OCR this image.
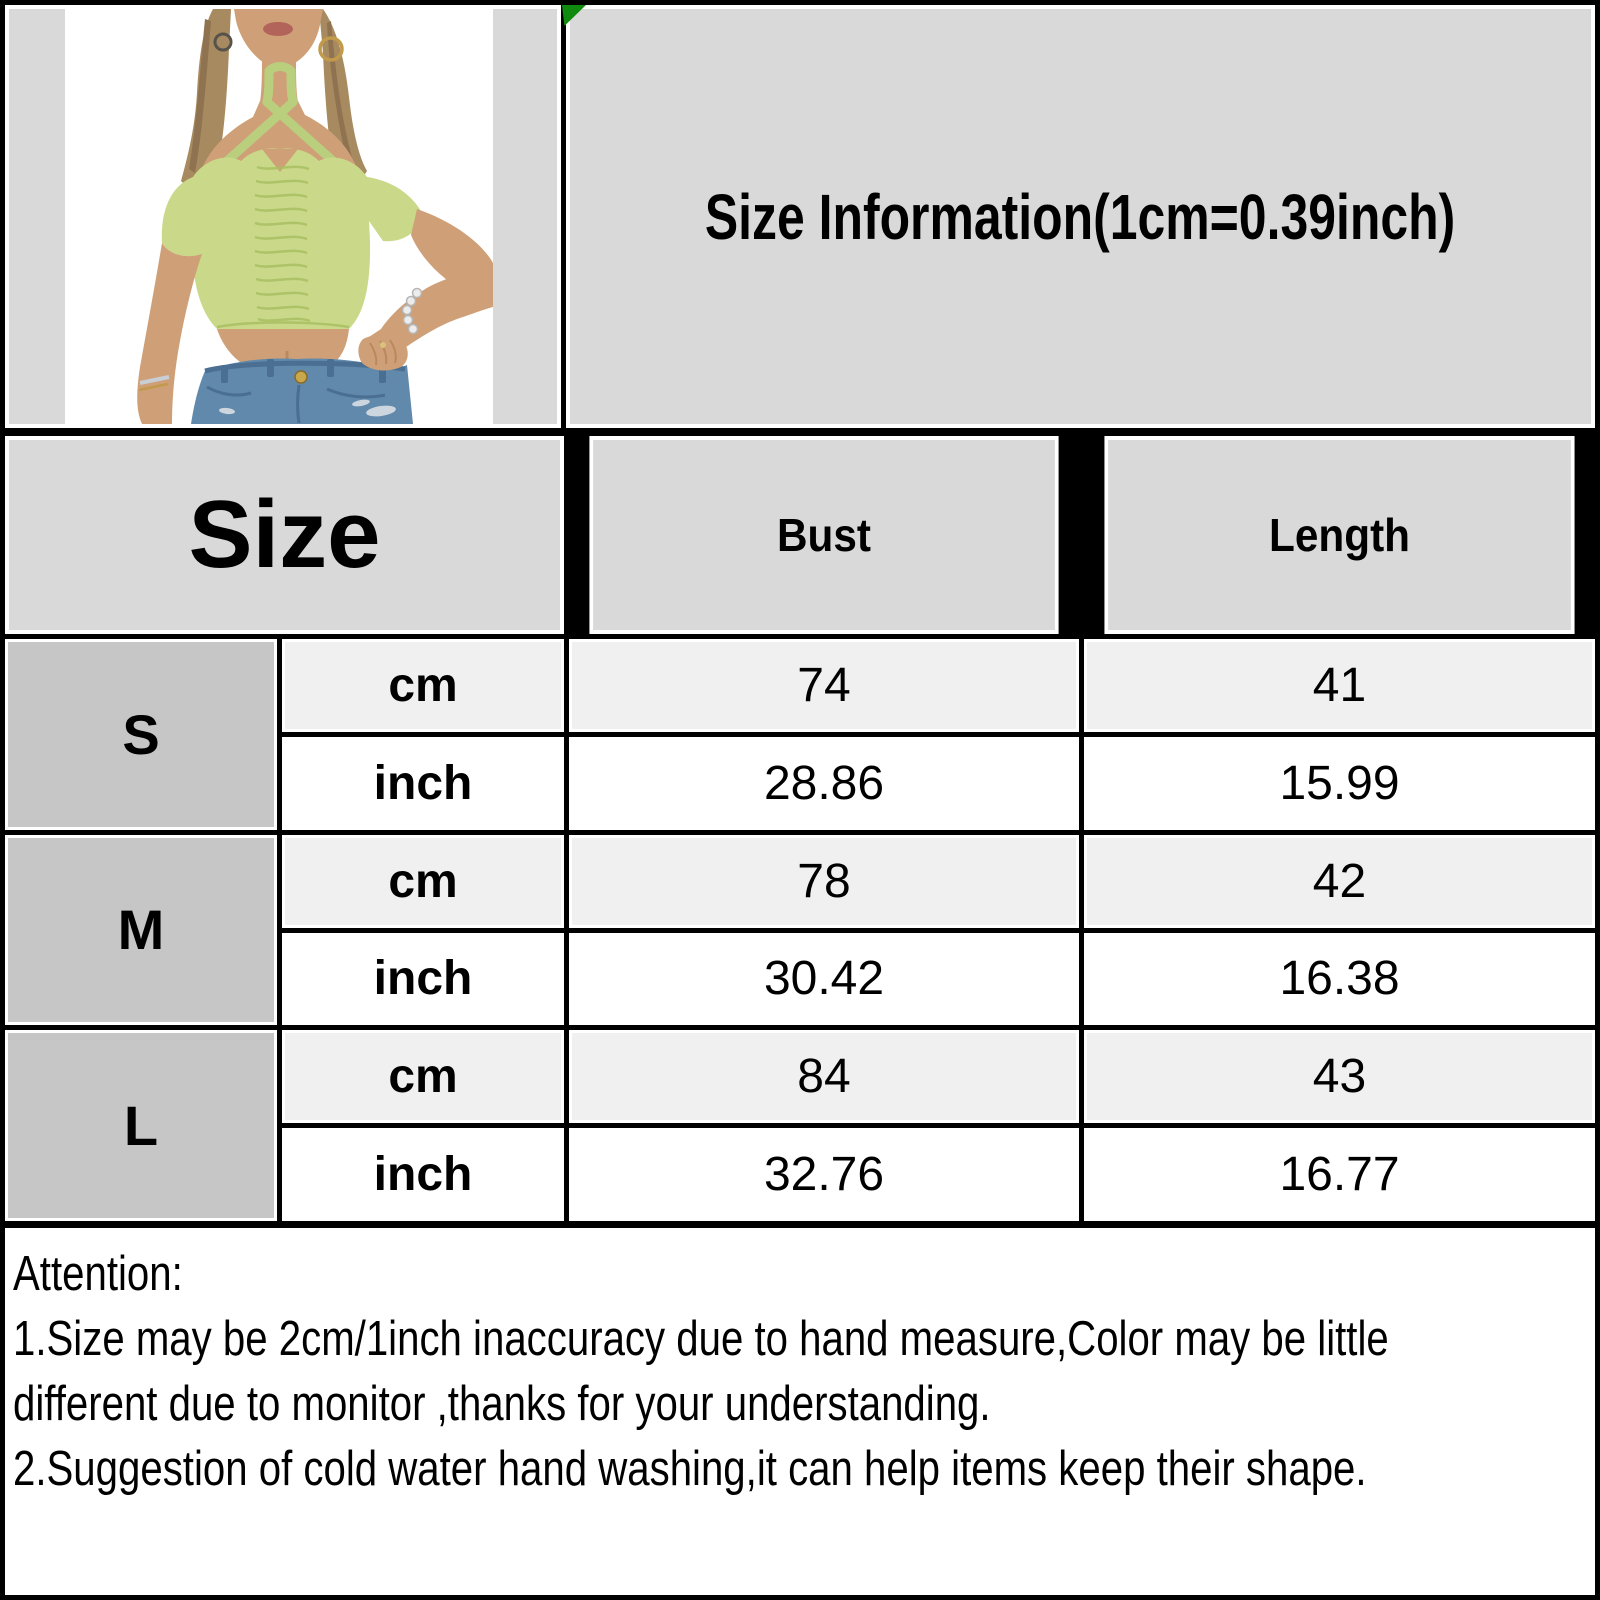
Size Information(1cm=0.39inch)
Size	Bust	Length
S
cm	74	41
inch	28.86	15.99
M
cm	78	42
inch	30.42	16.38
L
cm	84	43
inch	32.76	16.77
Attention:
1.Size may be 2cm/1inch inaccuracy due to hand measure,Color may be little
different due to monitor ,thanks for your understanding.
2.Suggestion of cold water hand washing,it can help items keep their shape.
